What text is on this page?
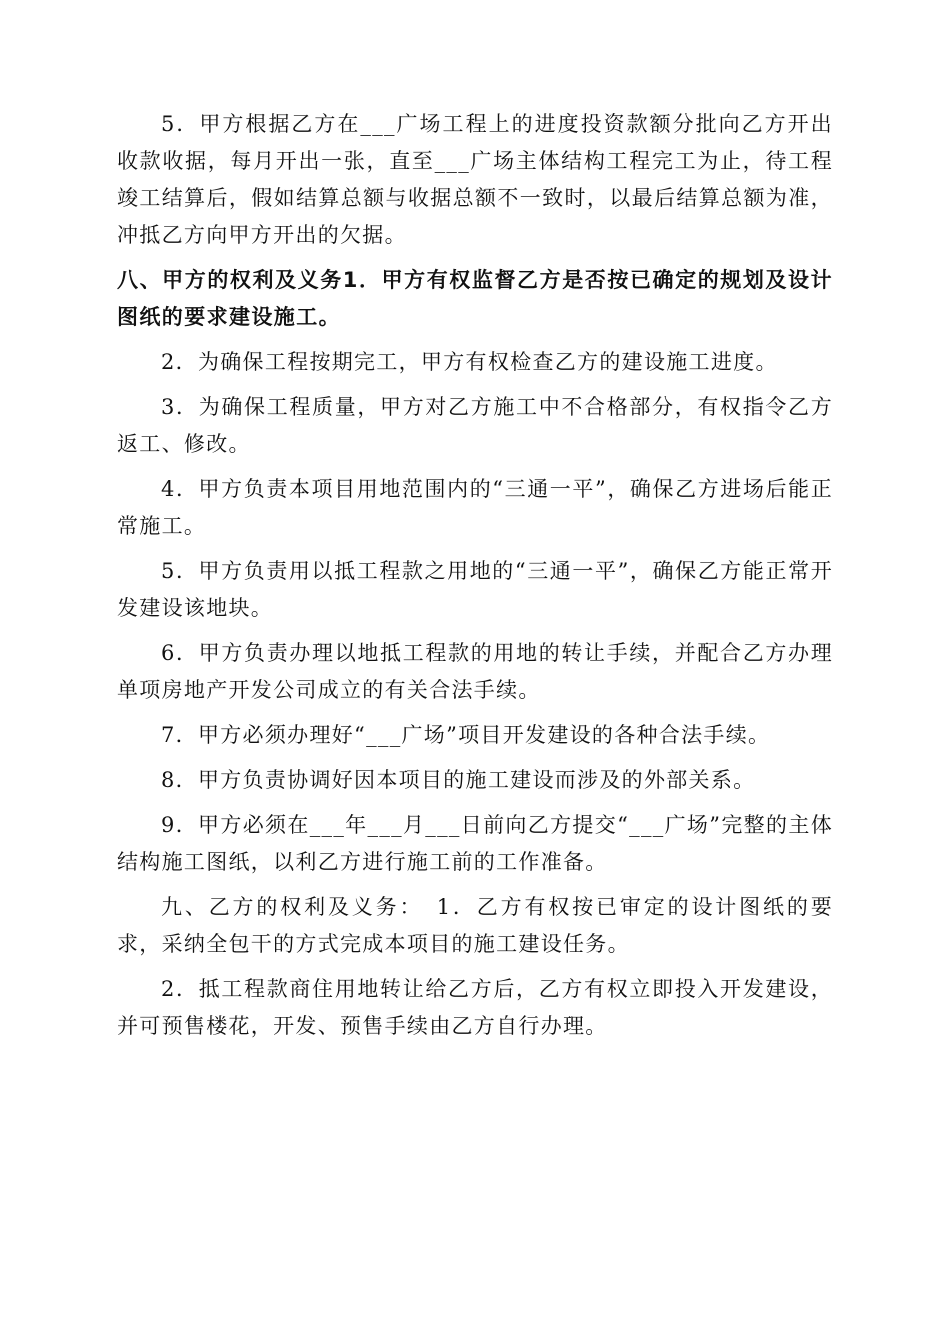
5．甲方根据乙方在___广场工程上的进度投资款额分批向乙方开出收款收据，每月开出一张，直至___广场主体结构工程完工为止，待工程竣工结算后，假如结算总额与收据总额不一致时，以最后结算总额为准，冲抵乙方向甲方开出的欠据。

八、甲方的权利及义务1．甲方有权监督乙方是否按已确定的规划及设计图纸的要求建设施工。

2．为确保工程按期完工，甲方有权检查乙方的建设施工进度。

3．为确保工程质量，甲方对乙方施工中不合格部分，有权指令乙方返工、修改。

4．甲方负责本项目用地范围内的“三通一平”，确保乙方进场后能正常施工。

5．甲方负责用以抵工程款之用地的“三通一平”，确保乙方能正常开发建设该地块。

6．甲方负责办理以地抵工程款的用地的转让手续，并配合乙方办理单项房地产开发公司成立的有关合法手续。

7．甲方必须办理好“___广场”项目开发建设的各种合法手续。

8．甲方负责协调好因本项目的施工建设而涉及的外部关系。

9．甲方必须在___年___月___日前向乙方提交“___广场”完整的主体结构施工图纸，以利乙方进行施工前的工作准备。

九、乙方的权利及义务：　1．乙方有权按已审定的设计图纸的要求，采纳全包干的方式完成本项目的施工建设任务。

2．抵工程款商住用地转让给乙方后，乙方有权立即投入开发建设，并可预售楼花，开发、预售手续由乙方自行办理。
